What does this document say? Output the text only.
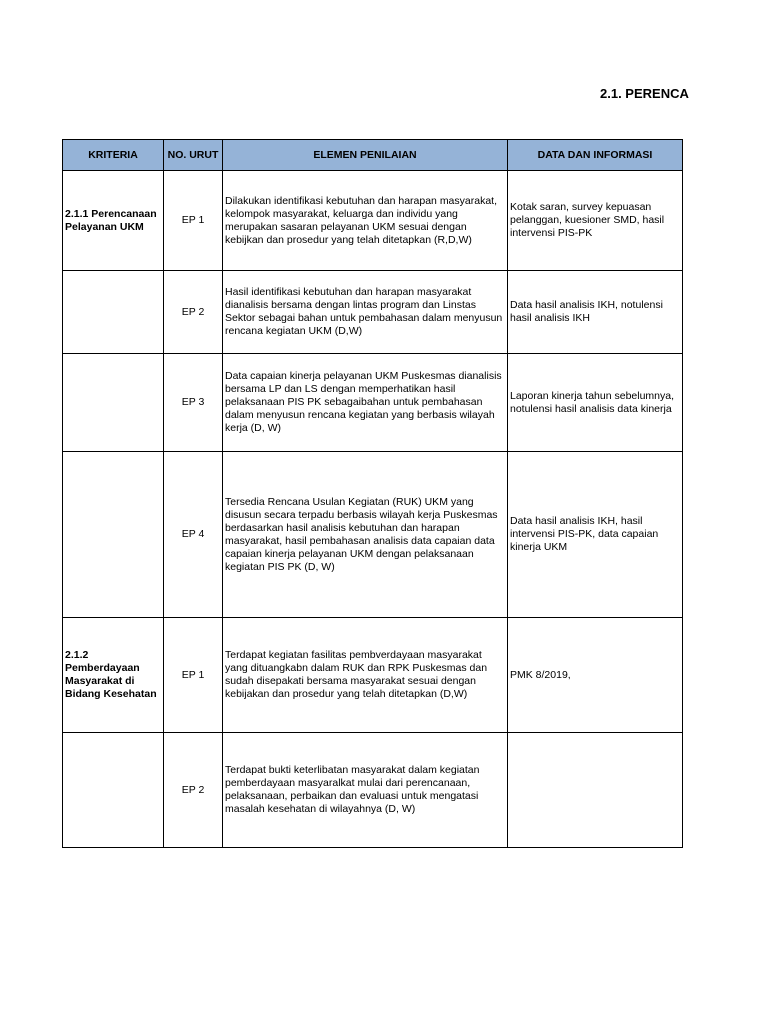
2.1. PERENCA
KRITERIA	NO. URUT	ELEMEN PENILAIAN	DATA DAN INFORMASI
2.1.1 Perencanaan Pelayanan UKM	EP 1	Dilakukan identifikasi kebutuhan dan harapan masyarakat, kelompok masyarakat, keluarga dan individu yang merupakan sasaran pelayanan UKM sesuai dengan kebijkan dan prosedur yang telah ditetapkan (R,D,W)	Kotak saran, survey kepuasan pelanggan, kuesioner SMD, hasil intervensi PIS-PK
	EP 2	Hasil identifikasi kebutuhan dan harapan masyarakat dianalisis bersama dengan lintas program dan Linstas Sektor sebagai bahan untuk pembahasan dalam menyusun rencana kegiatan UKM (D,W)	Data hasil analisis IKH, notulensi hasil analisis IKH
	EP 3	Data capaian kinerja pelayanan UKM Puskesmas dianalisis bersama LP dan LS dengan memperhatikan hasil pelaksanaan PIS PK sebagaibahan untuk pembahasan dalam menyusun rencana kegiatan yang berbasis wilayah kerja (D, W)	Laporan kinerja tahun sebelumnya, notulensi hasil analisis data kinerja
	EP 4	Tersedia Rencana Usulan Kegiatan (RUK) UKM yang disusun secara terpadu berbasis wilayah kerja Puskesmas berdasarkan hasil analisis kebutuhan dan harapan masyarakat, hasil pembahasan analisis data capaian data capaian kinerja pelayanan UKM dengan pelaksanaan kegiatan PIS PK (D, W)	Data hasil analisis IKH, hasil intervensi PIS-PK, data capaian kinerja UKM
2.1.2 Pemberdayaan Masyarakat di Bidang Kesehatan	EP 1	Terdapat kegiatan fasilitas pembverdayaan masyarakat yang dituangkabn dalam RUK dan RPK Puskesmas dan sudah disepakati bersama masyarakat sesuai dengan kebijakan dan prosedur yang telah ditetapkan (D,W)	PMK 8/2019,
	EP 2	Terdapat bukti keterlibatan masyarakat dalam kegiatan pemberdayaan masyaralkat mulai dari perencanaan, pelaksanaan, perbaikan dan evaluasi untuk mengatasi masalah kesehatan di wilayahnya (D, W)	
